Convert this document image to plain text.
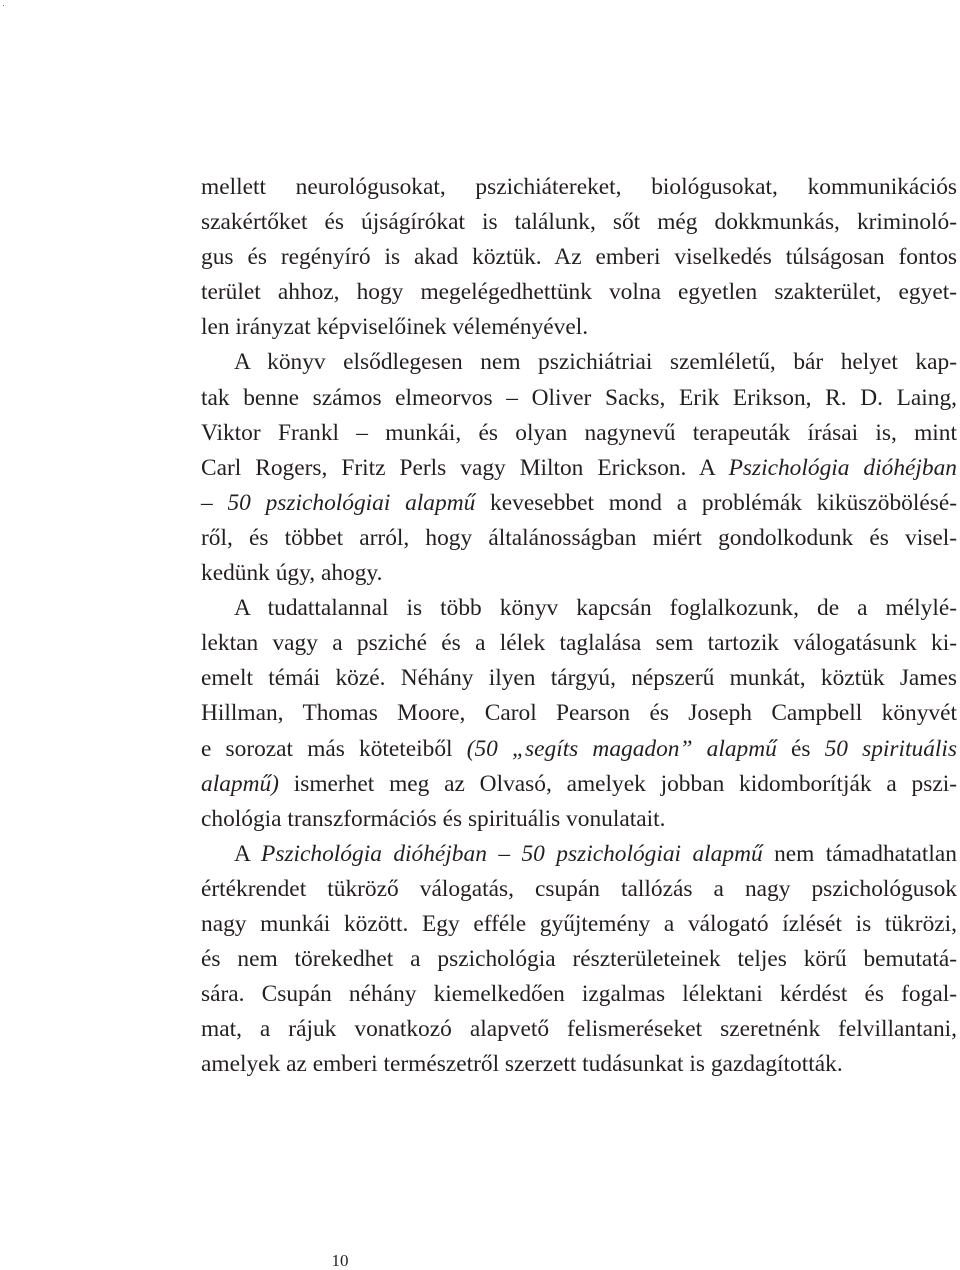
·
mellett neurológusokat, pszichiátereket, biológusokat, kommunikációs
szakértőket és újságírókat is találunk, sőt még dokkmunkás, kriminoló-
gus és regényíró is akad köztük. Az emberi viselkedés túlságosan fontos
terület ahhoz, hogy megelégedhettünk volna egyetlen szakterület, egyet-
len irányzat képviselőinek véleményével.
A könyv elsődlegesen nem pszichiátriai szemléletű, bár helyet kap-
tak benne számos elmeorvos – Oliver Sacks, Erik Erikson, R. D. Laing,
Viktor Frankl – munkái, és olyan nagynevű terapeuták írásai is, mint
Carl Rogers, Fritz Perls vagy Milton Erickson. A Pszichológia dióhéjban
– 50 pszichológiai alapmű kevesebbet mond a problémák kiküszöbölésé-
ről, és többet arról, hogy általánosságban miért gondolkodunk és visel-
kedünk úgy, ahogy.
A tudattalannal is több könyv kapcsán foglalkozunk, de a mélylé-
lektan vagy a psziché és a lélek taglalása sem tartozik válogatásunk ki-
emelt témái közé. Néhány ilyen tárgyú, népszerű munkát, köztük James
Hillman, Thomas Moore, Carol Pearson és Joseph Campbell könyvét
e sorozat más köteteiből (50 „segíts magadon” alapmű és 50 spirituális
alapmű) ismerhet meg az Olvasó, amelyek jobban kidomborítják a pszi-
chológia transzformációs és spirituális vonulatait.
A Pszichológia dióhéjban – 50 pszichológiai alapmű nem támadhatatlan
értékrendet tükröző válogatás, csupán tallózás a nagy pszichológusok
nagy munkái között. Egy efféle gyűjtemény a válogató ízlését is tükrözi,
és nem törekedhet a pszichológia részterületeinek teljes körű bemutatá-
sára. Csupán néhány kiemelkedően izgalmas lélektani kérdést és fogal-
mat, a rájuk vonatkozó alapvető felismeréseket szeretnénk felvillantani,
amelyek az emberi természetről szerzett tudásunkat is gazdagították.
10
